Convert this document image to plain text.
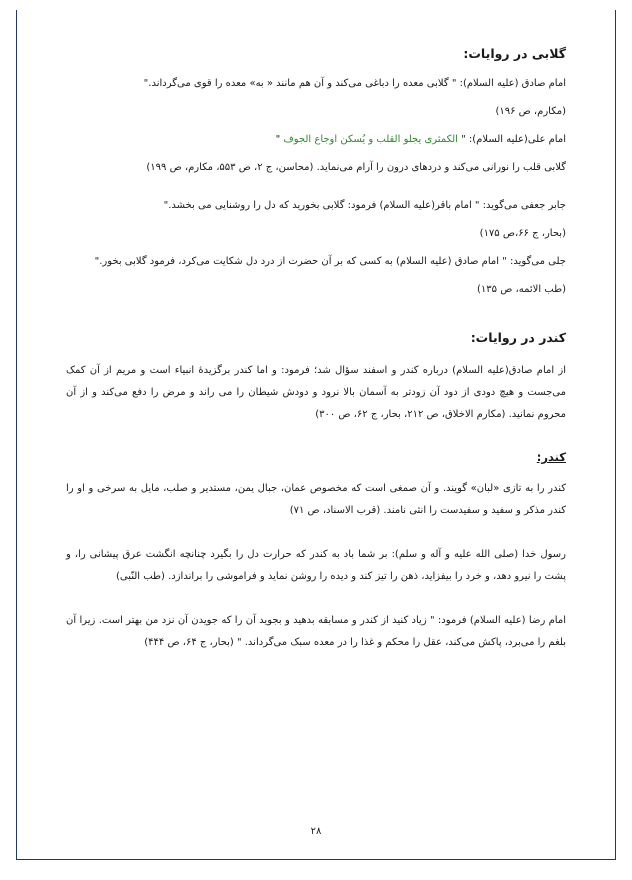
گلابی در روایات:
امام صادق (علیه السلام): " گلابی معده را دباغی می‌کند و آن هم مانند « به» معده را قوی می‌گرداند."
(مکارم، ص ۱۹۶)
امام علی(علیه السلام): " الکمثری يجلو القلب و يُسكن اوجاع الجوف "
گلابی قلب را نورانی می‌کند و دردهای درون را آرام می‌نماید. (محاسن، ج ۲، ص ۵۵۳، مکارم، ص ۱۹۹)
جابر جعفی می‌گوید: " امام باقر(علیه السلام) فرمود: گلابی بخورید که دل را روشنایی می بخشد."
(بحار، ج ۶۶،ص ۱۷۵)
جلی می‌گوید: " امام صادق (علیه السلام) به کسی که بر آن حضرت از درد دل شکایت می‌کرد، فرمود گلابی بخور."
(طب الائمه، ص ۱۳۵)
کندر در روایات:
از امام صادق(علیه السلام) درباره کندر و اسفند سؤال شد؛ فرمود: و اما کندر برگزیدۀ انبیاء است و مریم از آن کمک می‌جست و هیچ دودی از دود آن زودتر به آسمان بالا نرود و دودش شیطان را می راند و مرض را دفع می‌کند و از آن محروم نمانید. (مکارم الاخلاق، ص ۲۱۲، بحار، ج ۶۲، ص ۳۰۰)
کندر:
کندر را به تازی «لبان» گویند. و آن صمغی است که مخصوص عمان، جبال یمن، مستدیر و صلب، مایل به سرخی و او را کندر مذکر و سفید و سفیدست را انثی نامند. (قرب الاسناد، ص ۷۱)
رسول خدا (صلی الله علیه و آله و سلم): بر شما باد به کندر که حرارت دل را بگیرد چنانچه انگشت عرق پیشانی را، و پشت را نیرو دهد، و خرد را بیفزاید، ذهن را تیز کند و دیده را روشن نماید و فراموشی را براندازد. (طب النّبی)
امام رضا (علیه السلام) فرمود: " زیاد کنید از کندر و مسابقه بدهید و بجوید آن را که جویدن آن نزد من بهتر است. زیرا آن بلغم را می‌برد، پاکش می‌کند، عقل را محکم و غذا را در معده سبک می‌گرداند. " (بحار، ج ۶۴، ص ۴۴۴)
۲۸
